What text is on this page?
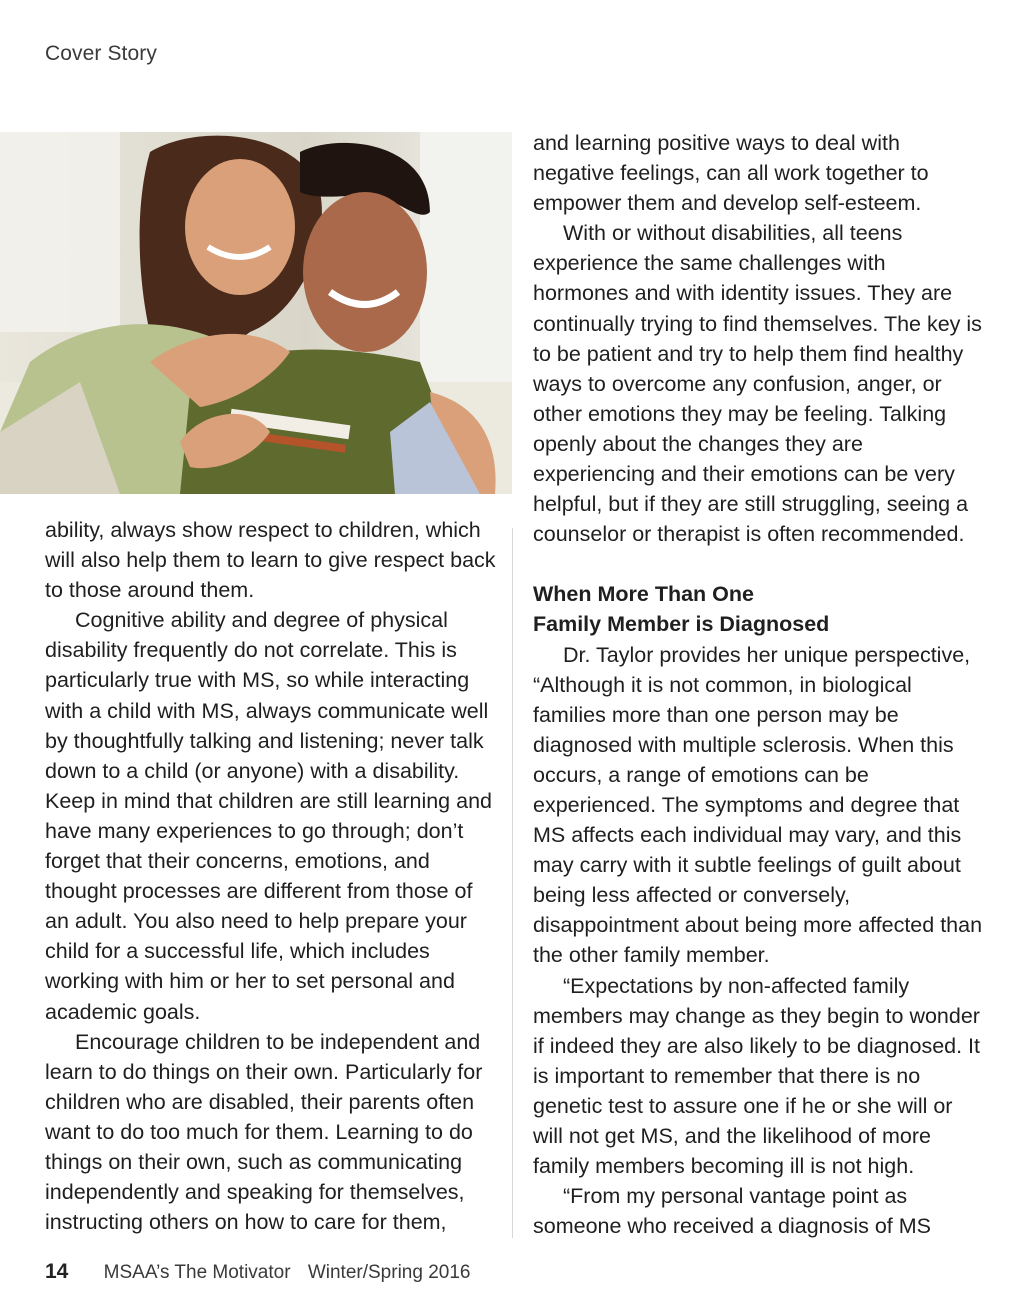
Cover Story

ability, always show respect to children, which will also help them to learn to give respect back to those around them.

Cognitive ability and degree of physical disability frequently do not correlate. This is particularly true with MS, so while interacting with a child with MS, always communicate well by thoughtfully talking and listening; never talk down to a child (or anyone) with a disability. Keep in mind that children are still learning and have many experiences to go through; don’t forget that their concerns, emotions, and thought processes are different from those of an adult. You also need to help prepare your child for a successful life, which includes working with him or her to set personal and academic goals.

Encourage children to be independent and learn to do things on their own. Particularly for children who are disabled, their parents often want to do too much for them. Learning to do things on their own, such as communicating independently and speaking for themselves, instructing others on how to care for them,

and learning positive ways to deal with negative feelings, can all work together to empower them and develop self-esteem.

With or without disabilities, all teens experience the same challenges with hormones and with identity issues. They are continually trying to find themselves. The key is to be patient and try to help them find healthy ways to overcome any confusion, anger, or other emotions they may be feeling. Talking openly about the changes they are experiencing and their emotions can be very helpful, but if they are still struggling, seeing a counselor or therapist is often recommended.

When More Than One

Family Member is Diagnosed

Dr. Taylor provides her unique perspective, “Although it is not common, in biological families more than one person may be diagnosed with multiple sclerosis. When this occurs, a range of emotions can be experienced. The symptoms and degree that MS affects each individual may vary, and this may carry with it subtle feelings of guilt about being less affected or conversely, disappointment about being more affected than the other family member.

“Expectations by non-affected family members may change as they begin to wonder if indeed they are also likely to be diagnosed. It is important to remember that there is no genetic test to assure one if he or she will or will not get MS, and the likelihood of more family members becoming ill is not high.

“From my personal vantage point as someone who received a diagnosis of MS

14 MSAA’s The Motivator Winter/Spring 2016
